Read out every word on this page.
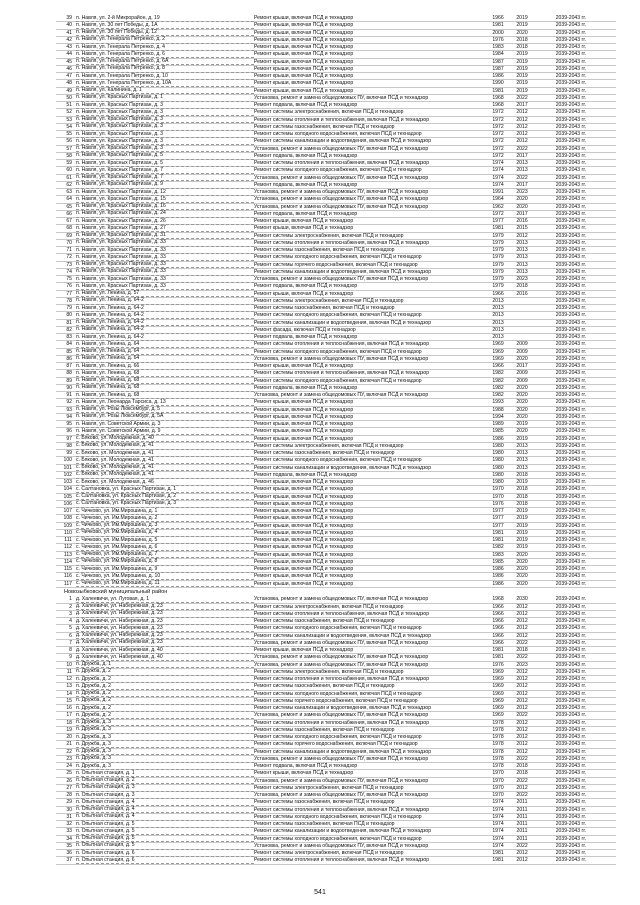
39 п. Навля, ул. 2-й Микрорайон, д. 19	Ремонт крыши, включая ПСД и технадзор	1966	2019	2039-2043 гг.
40 п. Навля, ул. 30 лет Победы, д. 1А	Ремонт крыши, включая ПСД и технадзор	1981	2019	2039-2043 гг.
41 п. Навля, ул. 30 лет Победы, д. 12	Ремонт крыши, включая ПСД и технадзор	2000	2020	2039-2043 гг.
42 п. Навля, ул. Генерала Петренко, д. 2	Ремонт крыши, включая ПСД и технадзор	1976	2018	2039-2043 гг.
43 п. Навля, ул. Генерала Петренко, д. 4	Ремонт крыши, включая ПСД и технадзор	1983	2018	2039-2043 гг.
44 п. Навля, ул. Генерала Петренко, д. 6	Ремонт крыши, включая ПСД и технадзор	1984	2019	2039-2043 гг.
45 п. Навля, ул. Генерала Петренко, д. 6А	Ремонт крыши, включая ПСД и технадзор	1987	2019	2039-2043 гг.
46 п. Навля, ул. Генерала Петренко, д. 8	Ремонт крыши, включая ПСД и технадзор	1987	2019	2039-2043 гг.
47 п. Навля, ул. Генерала Петренко, д. 10	Ремонт крыши, включая ПСД и технадзор	1986	2019	2039-2043 гг.
48 п. Навля, ул. Генерала Петренко, д. 10А	Ремонт крыши, включая ПСД и технадзор	1990	2019	2039-2043 гг.
49 п. Навля, ул. Калинина, д. 1	Ремонт крыши, включая ПСД и технадзор	1981	2019	2039-2043 гг.
50 п. Навля, ул. Красных Партизан, д. 1	Установка, ремонт и замена общедомовых ПУ, включая ПСД и технадзор	1968	2022	2039-2043 гг.
51 п. Навля, ул. Красных Партизан, д. 3	Ремонт подвала, включая ПСД и технадзор	1968	2017	2039-2043 гг.
52 п. Навля, ул. Красных Партизан, д. 3	Ремонт системы электроснабжения, включая ПСД и технадзор	1972	2012	2039-2043 гг.
53 п. Навля, ул. Красных Партизан, д. 3	Ремонт системы отопления и теплоснабжения, включая ПСД и технадзор	1972	2012	2039-2043 гг.
54 п. Навля, ул. Красных Партизан, д. 3	Ремонт системы газоснабжения, включая ПСД и технадзор	1972	2012	2039-2043 гг.
55 п. Навля, ул. Красных Партизан, д. 3	Ремонт системы холодного водоснабжения, включая ПСД и технадзор	1972	2012	2039-2043 гг.
56 п. Навля, ул. Красных Партизан, д. 3	Ремонт системы канализации и водоотведения, включая ПСД и технадзор	1972	2012	2039-2043 гг.
57 п. Навля, ул. Красных Партизан, д. 3	Установка, ремонт и замена общедомовых ПУ, включая ПСД и технадзор	1972	2022	2039-2043 гг.
58 п. Навля, ул. Красных Партизан, д. 5	Ремонт подвала, включая ПСД и технадзор	1972	2017	2039-2043 гг.
59 п. Навля, ул. Красных Партизан, д. 5	Ремонт системы отопления и теплоснабжения, включая ПСД и технадзор	1974	2013	2039-2043 гг.
60 п. Навля, ул. Красных Партизан, д. 7	Ремонт системы холодного водоснабжения, включая ПСД и технадзор	1974	2013	2039-2043 гг.
61 п. Навля, ул. Красных Партизан, д. 7	Установка, ремонт и замена общедомовых ПУ, включая ПСД и технадзор	1974	2022	2039-2043 гг.
62 п. Навля, ул. Красных Партизан, д. 9	Ремонт подвала, включая ПСД и технадзор	1974	2017	2039-2043 гг.
63 п. Навля, ул. Красных Партизан, д. 12	Установка, ремонт и замена общедомовых ПУ, включая ПСД и технадзор	1991	2023	2039-2043 гг.
64 п. Навля, ул. Красных Партизан, д. 15	Установка, ремонт и замена общедомовых ПУ, включая ПСД и технадзор	1964	2020	2039-2043 гг.
65 п. Навля, ул. Красных Партизан, д. 16	Установка, ремонт и замена общедомовых ПУ, включая ПСД и технадзор	1962	2020	2039-2043 гг.
66 п. Навля, ул. Красных Партизан, д. 24	Ремонт подвала, включая ПСД и технадзор	1972	2017	2039-2043 гг.
67 п. Навля, ул. Красных Партизан, д. 26	Ремонт крыши, включая ПСД и технадзор	1977	2016	2039-2043 гг.
68 п. Навля, ул. Красных Партизан, д. 27	Ремонт крыши, включая ПСД и технадзор	1981	2015	2039-2043 гг.
69 п. Навля, ул. Красных Партизан, д. 31	Ремонт системы электроснабжения, включая ПСД и технадзор	1979	2012	2039-2043 гг.
70 п. Навля, ул. Красных Партизан, д. 33	Ремонт системы отопления и теплоснабжения, включая ПСД и технадзор	1979	2013	2039-2043 гг.
71 п. Навля, ул. Красных Партизан, д. 33	Ремонт системы газоснабжения, включая ПСД и технадзор	1979	2013	2039-2043 гг.
72 п. Навля, ул. Красных Партизан, д. 33	Ремонт системы холодного водоснабжения, включая ПСД и технадзор	1979	2013	2039-2043 гг.
73 п. Навля, ул. Красных Партизан, д. 33	Ремонт системы горячего водоснабжения, включая ПСД и технадзор	1979	2013	2039-2043 гг.
74 п. Навля, ул. Красных Партизан, д. 33	Ремонт системы канализации и водоотведения, включая ПСД и технадзор	1979	2013	2039-2043 гг.
75 п. Навля, ул. Красных Партизан, д. 33	Установка, ремонт и замена общедомовых ПУ, включая ПСД и технадзор	1979	2023	2039-2043 гг.
76 п. Навля, ул. Красных Партизан, д. 33	Ремонт подвала, включая ПСД и технадзор	1979	2018	2039-2043 гг.
77 п. Навля, ул. Ленина, д. 57	Ремонт крыши, включая ПСД и технадзор	1966	2016	2039-2043 гг.
78 п. Навля, ул. Ленина, д. 64-2	Ремонт системы электроснабжения, включая ПСД и технадзор	2013	2039-2043 гг.
79 п. Навля, ул. Ленина, д. 64-2	Ремонт системы газоснабжения, включая ПСД и технадзор	2013	2039-2043 гг.
80 п. Навля, ул. Ленина, д. 64-2	Ремонт системы холодного водоснабжения, включая ПСД и технадзор	2013	2039-2043 гг.
81 п. Навля, ул. Ленина, д. 64-2	Ремонт системы канализации и водоотведения, включая ПСД и технадзор	2013	2039-2043 гг.
82 п. Навля, ул. Ленина, д. 64-2	Ремонт фасада, включая ПСД и технадзор	2013	2039-2043 гг.
83 п. Навля, ул. Ленина, д. 64-2	Ремонт подвала, включая ПСД и технадзор	2013	2039-2043 гг.
84 п. Навля, ул. Ленина, д. 64	Ремонт системы отопления и теплоснабжения, включая ПСД и технадзор	1969	2009	2039-2043 гг.
85 п. Навля, ул. Ленина, д. 64	Ремонт системы холодного водоснабжения, включая ПСД и технадзор	1969	2009	2039-2043 гг.
86 п. Навля, ул. Ленина, д. 64	Установка, ремонт и замена общедомовых ПУ, включая ПСД и технадзор	1969	2020	2039-2043 гг.
87 п. Навля, ул. Ленина, д. 66	Ремонт крыши, включая ПСД и технадзор	1966	2017	2039-2043 гг.
88 п. Навля, ул. Ленина, д. 68	Ремонт системы отопления и теплоснабжения, включая ПСД и технадзор	1982	2009	2039-2043 гг.
89 п. Навля, ул. Ленина, д. 68	Ремонт системы холодного водоснабжения, включая ПСД и технадзор	1982	2009	2039-2043 гг.
90 п. Навля, ул. Ленина, д. 68	Ремонт подвала, включая ПСД и технадзор	1982	2020	2039-2043 гг.
91 п. Навля, ул. Ленина, д. 68	Установка, ремонт и замена общедомовых ПУ, включая ПСД и технадзор	1982	2020	2039-2043 гг.
92 п. Навля, ул. Леонарда Тарсиса, д. 13	Ремонт крыши, включая ПСД и технадзор	1993	2020	2039-2043 гг.
93 п. Навля, ул. Розы Люксембург, д. 5	Ремонт крыши, включая ПСД и технадзор	1988	2020	2039-2043 гг.
94 п. Навля, ул. Розы Люксембург, д. 5А	Ремонт крыши, включая ПСД и технадзор	1994	2020	2039-2043 гг.
95 п. Навля, ул. Советской Армии, д. 3	Ремонт крыши, включая ПСД и технадзор	1989	2019	2039-2043 гг.
96 п. Навля, ул. Советской Армии, д. 9	Ремонт крыши, включая ПСД и технадзор	1985	2020	2039-2043 гг.
97 с. Бяково, ул. Молодежная, д. 40	Ремонт крыши, включая ПСД и технадзор	1986	2019	2039-2043 гг.
98 с. Бяково, ул. Молодежная, д. 41	Ремонт системы электроснабжения, включая ПСД и технадзор	1980	2013	2039-2043 гг.
99 с. Бяково, ул. Молодежная, д. 41	Ремонт системы газоснабжения, включая ПСД и технадзор	1980	2013	2039-2043 гг.
100 с. Бяково, ул. Молодежная, д. 41	Ремонт системы холодного водоснабжения, включая ПСД и технадзор	1980	2013	2039-2043 гг.
101 с. Бяково, ул. Молодежная, д. 41	Ремонт системы канализации и водоотведения, включая ПСД и технадзор	1980	2013	2039-2043 гг.
102 с. Бяково, ул. Молодежная, д. 41	Ремонт подвала, включая ПСД и технадзор	1980	2018	2039-2043 гг.
103 с. Бяково, ул. Молодежная, д. 46	Ремонт крыши, включая ПСД и технадзор	1980	2019	2039-2043 гг.
104 с. Салтановка, ул. Красных Партизан, д. 1	Ремонт крыши, включая ПСД и технадзор	1970	2018	2039-2043 гг.
105 с. Салтановка, ул. Красных Партизан, д. 2	Ремонт крыши, включая ПСД и технадзор	1970	2018	2039-2043 гг.
106 с. Салтановка, ул. Красных Партизан, д. 3	Ремонт крыши, включая ПСД и технадзор	1976	2018	2039-2043 гг.
107 с. Чичково, ул. Им.Мирошина, д. 1	Ремонт крыши, включая ПСД и технадзор	1977	2019	2039-2043 гг.
108 с. Чичково, ул. Им.Мирошина, д. 2	Ремонт крыши, включая ПСД и технадзор	1977	2019	2039-2043 гг.
109 с. Чичково, ул. Им.Мирошина, д. 3	Ремонт крыши, включая ПСД и технадзор	1977	2019	2039-2043 гг.
110 с. Чичково, ул. Им.Мирошина, д. 4	Ремонт крыши, включая ПСД и технадзор	1981	2019	2039-2043 гг.
111 с. Чичково, ул. Им.Мирошина, д. 5	Ремонт крыши, включая ПСД и технадзор	1981	2019	2039-2043 гг.
112 с. Чичково, ул. Им.Мирошина, д. 6	Ремонт крыши, включая ПСД и технадзор	1982	2019	2039-2043 гг.
113 с. Чичково, ул. Им.Мирошина, д. 7	Ремонт крыши, включая ПСД и технадзор	1983	2020	2039-2043 гг.
114 с. Чичково, ул. Им.Мирошина, д. 8	Ремонт крыши, включая ПСД и технадзор	1985	2020	2039-2043 гг.
115 с. Чичково, ул. Им.Мирошина, д. 9	Ремонт крыши, включая ПСД и технадзор	1986	2020	2039-2043 гг.
116 с. Чичково, ул. Им.Мирошина, д. 10	Ремонт крыши, включая ПСД и технадзор	1986	2020	2039-2043 гг.
117 с. Чичково, ул. Им.Мирошина, д. 11	Ремонт крыши, включая ПСД и технадзор	1986	2020	2039-2043 гг.
Новозыбковский муниципальный район
1 д. Халеевичи, ул. Луговая, д. 1	Установка, ремонт и замена общедомовых ПУ, включая ПСД и технадзор	1968	2030	2039-2043 гг.
2 д. Халеевичи, ул. Набережная, д. 23	Ремонт системы электроснабжения, включая ПСД и технадзор	1966	2012	2039-2043 гг.
3 д. Халеевичи, ул. Набережная, д. 23	Ремонт системы отопления и теплоснабжения, включая ПСД и технадзор	1966	2012	2039-2043 гг.
4 д. Халеевичи, ул. Набережная, д. 23	Ремонт системы газоснабжения, включая ПСД и технадзор	1966	2012	2039-2043 гг.
5 д. Халеевичи, ул. Набережная, д. 23	Ремонт системы холодного водоснабжения, включая ПСД и технадзор	1966	2012	2039-2043 гг.
6 д. Халеевичи, ул. Набережная, д. 23	Ремонт системы канализации и водоотведения, включая ПСД и технадзор	1966	2012	2039-2043 гг.
7 д. Халеевичи, ул. Набережная, д. 23	Установка, ремонт и замена общедомовых ПУ, включая ПСД и технадзор	1966	2022	2039-2043 гг.
8 д. Халеевичи, ул. Набережная, д. 40	Ремонт крыши, включая ПСД и технадзор	1981	2018	2039-2043 гг.
9 д. Халеевичи, ул. Набережная, д. 40	Установка, ремонт и замена общедомовых ПУ, включая ПСД и технадзор	1981	2022	2039-2043 гг.
10 п. Дружба, д. 1	Установка, ремонт и замена общедомовых ПУ, включая ПСД и технадзор	1976	2023	2039-2043 гг.
11 п. Дружба, д. 2	Ремонт системы электроснабжения, включая ПСД и технадзор	1969	2012	2039-2043 гг.
12 п. Дружба, д. 2	Ремонт системы отопления и теплоснабжения, включая ПСД и технадзор	1969	2012	2039-2043 гг.
13 п. Дружба, д. 2	Ремонт системы газоснабжения, включая ПСД и технадзор	1969	2012	2039-2043 гг.
14 п. Дружба, д. 2	Ремонт системы холодного водоснабжения, включая ПСД и технадзор	1969	2012	2039-2043 гг.
15 п. Дружба, д. 2	Ремонт системы горячего водоснабжения, включая ПСД и технадзор	1969	2012	2039-2043 гг.
16 п. Дружба, д. 2	Ремонт системы канализации и водоотведения, включая ПСД и технадзор	1969	2012	2039-2043 гг.
17 п. Дружба, д. 2	Установка, ремонт и замена общедомовых ПУ, включая ПСД и технадзор	1969	2022	2039-2043 гг.
18 п. Дружба, д. 3	Ремонт системы отопления и теплоснабжения, включая ПСД и технадзор	1978	2012	2039-2043 гг.
19 п. Дружба, д. 3	Ремонт системы газоснабжения, включая ПСД и технадзор	1978	2012	2039-2043 гг.
20 п. Дружба, д. 3	Ремонт системы холодного водоснабжения, включая ПСД и технадзор	1978	2012	2039-2043 гг.
21 п. Дружба, д. 3	Ремонт системы горячего водоснабжения, включая ПСД и технадзор	1978	2012	2039-2043 гг.
22 п. Дружба, д. 3	Ремонт системы канализации и водоотведения, включая ПСД и технадзор	1978	2012	2039-2043 гг.
23 п. Дружба, д. 3	Установка, ремонт и замена общедомовых ПУ, включая ПСД и технадзор	1978	2022	2039-2043 гг.
24 п. Дружба, д. 3	Ремонт подвала, включая ПСД и технадзор	1978	2018	2039-2043 гг.
25 п. Опытная станция, д. 1	Ремонт крыши, включая ПСД и технадзор	1970	2018	2039-2043 гг.
26 п. Опытная станция, д. 2	Установка, ремонт и замена общедомовых ПУ, включая ПСД и технадзор	1970	2022	2039-2043 гг.
27 п. Опытная станция, д. 3	Ремонт системы электроснабжения, включая ПСД и технадзор	1970	2012	2039-2043 гг.
28 п. Опытная станция, д. 3	Установка, ремонт и замена общедомовых ПУ, включая ПСД и технадзор	1970	2022	2039-2043 гг.
29 п. Опытная станция, д. 4	Ремонт системы газоснабжения, включая ПСД и технадзор	1974	2011	2039-2043 гг.
30 п. Опытная станция, д. 4	Ремонт системы отопления и теплоснабжения, включая ПСД и технадзор	1974	2011	2039-2043 гг.
31 п. Опытная станция, д. 4	Ремонт системы холодного водоснабжения, включая ПСД и технадзор	1974	2011	2039-2043 гг.
32 п. Опытная станция, д. 5	Ремонт системы газоснабжения, включая ПСД и технадзор	1974	2011	2039-2043 гг.
33 п. Опытная станция, д. 5	Ремонт системы канализации и водоотведения, включая ПСД и технадзор	1974	2011	2039-2043 гг.
34 п. Опытная станция, д. 5	Ремонт системы холодного водоснабжения, включая ПСД и технадзор	1974	2011	2039-2043 гг.
35 п. Опытная станция, д. 5	Установка, ремонт и замена общедомовых ПУ, включая ПСД и технадзор	1974	2022	2039-2043 гг.
36 п. Опытная станция, д. 6	Ремонт системы электроснабжения, включая ПСД и технадзор	1981	2012	2039-2043 гг.
37 п. Опытная станция, д. 6	Ремонт системы отопления и теплоснабжения, включая ПСД и технадзор	1981	2012	2039-2043 гг.
541
